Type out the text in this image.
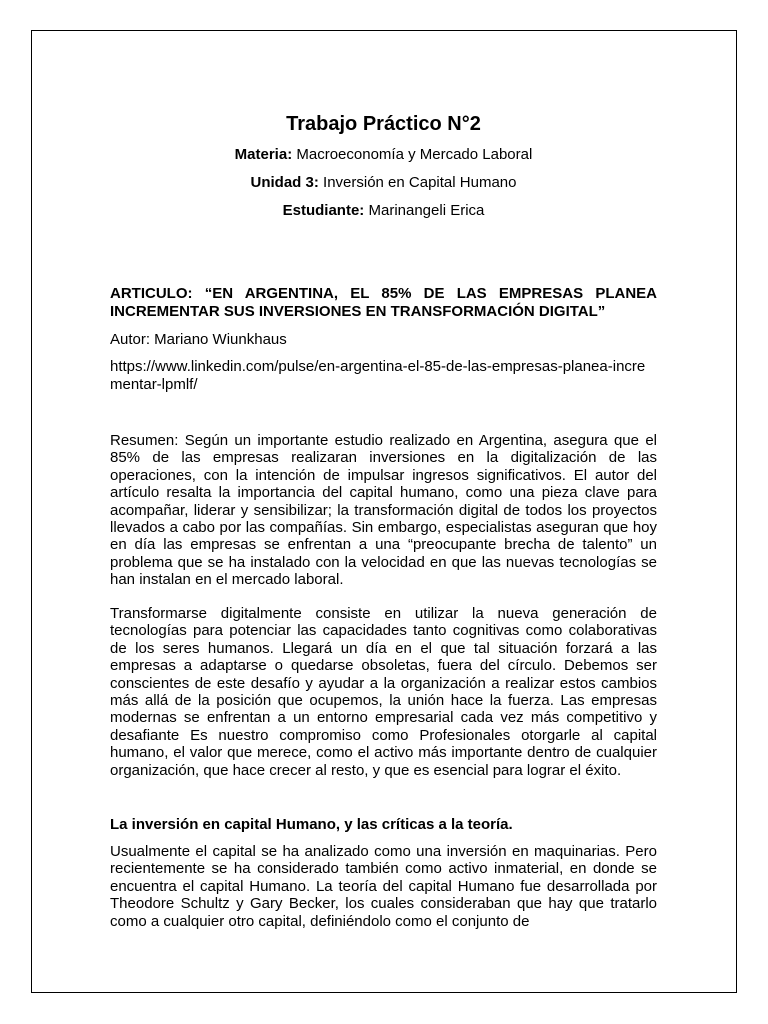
Trabajo Práctico N°2

Materia: Macroeconomía y Mercado Laboral

Unidad 3: Inversión en Capital Humano

Estudiante: Marinangeli Erica

ARTICULO: “EN ARGENTINA, EL 85% DE LAS EMPRESAS PLANEA INCREMENTAR SUS INVERSIONES EN TRANSFORMACIÓN DIGITAL”

Autor: Mariano Wiunkhaus

https://www.linkedin.com/pulse/en-argentina-el-85-de-las-empresas-planea-incrementar-lpmlf/

Resumen: Según un importante estudio realizado en Argentina, asegura que el 85% de las empresas realizaran inversiones en la digitalización de las operaciones, con la intención de impulsar ingresos significativos. El autor del artículo resalta la importancia del capital humano, como una pieza clave para acompañar, liderar y sensibilizar; la transformación digital de todos los proyectos llevados a cabo por las compañías. Sin embargo, especialistas aseguran que hoy en día las empresas se enfrentan a una “preocupante brecha de talento” un problema que se ha instalado con la velocidad en que las nuevas tecnologías se han instalan en el mercado laboral.

Transformarse digitalmente consiste en utilizar la nueva generación de tecnologías para potenciar las capacidades tanto cognitivas como colaborativas de los seres humanos. Llegará un día en el que tal situación forzará a las empresas a adaptarse o quedarse obsoletas, fuera del círculo. Debemos ser conscientes de este desafío y ayudar a la organización a realizar estos cambios más allá de la posición que ocupemos, la unión hace la fuerza. Las empresas modernas se enfrentan a un entorno empresarial cada vez más competitivo y desafiante Es nuestro compromiso como Profesionales otorgarle al capital humano, el valor que merece, como el activo más importante dentro de cualquier organización, que hace crecer al resto, y que es esencial para lograr el éxito.

La inversión en capital Humano, y las críticas a la teoría.

Usualmente el capital se ha analizado como una inversión en maquinarias. Pero recientemente se ha considerado también como activo inmaterial, en donde se encuentra el capital Humano. La teoría del capital Humano fue desarrollada por Theodore Schultz y Gary Becker, los cuales consideraban que hay que tratarlo como a cualquier otro capital, definiéndolo como el conjunto de
